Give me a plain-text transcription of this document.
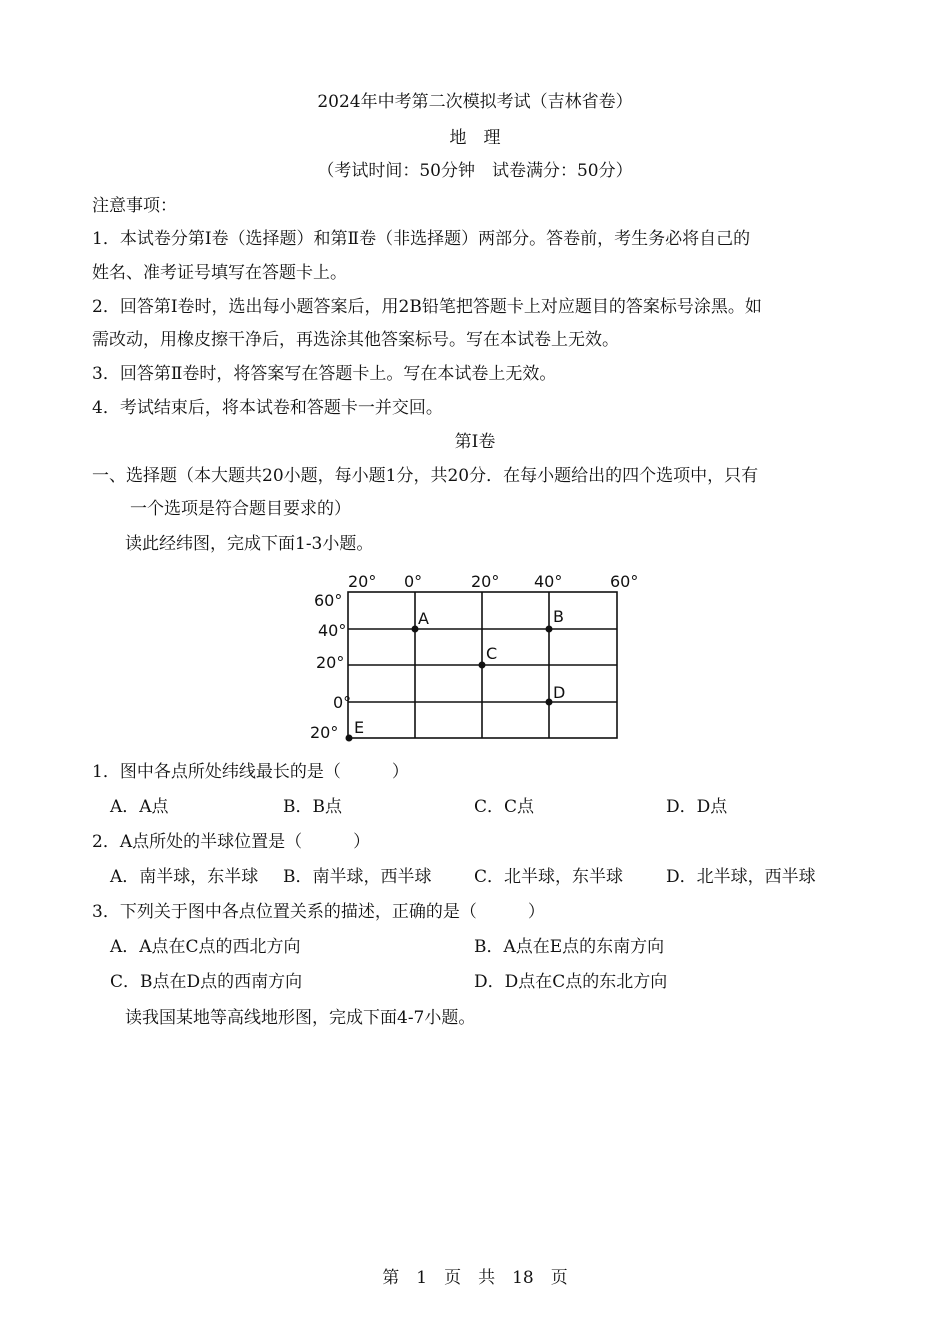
2024年中考第二次模拟考试（吉林省卷）
地　理
（考试时间：50分钟　试卷满分：50分）
注意事项：
1．本试卷分第Ⅰ卷（选择题）和第Ⅱ卷（非选择题）两部分。答卷前，考生务必将自己的
姓名、准考证号填写在答题卡上。
2．回答第Ⅰ卷时，选出每小题答案后，用2B铅笔把答题卡上对应题目的答案标号涂黑。如
需改动，用橡皮擦干净后，再选涂其他答案标号。写在本试卷上无效。
3．回答第Ⅱ卷时，将答案写在答题卡上。写在本试卷上无效。
4．考试结束后，将本试卷和答题卡一并交回。
第Ⅰ卷
一、选择题（本大题共20小题，每小题1分，共20分．在每小题给出的四个选项中，只有
一个选项是符合题目要求的）
读此经纬图，完成下面1-3小题。
20° 0°	20° 40°	60°
60°
40°
20°
0°
20°
A	B
C
D
E
1．图中各点所处纬线最长的是（　　　）
A．A点	B．B点	C．C点	D．D点
2．A点所处的半球位置是（　　　）
A．南半球，东半球 B．南半球，西半球	C．北半球，东半球	D．北半球，西半球
3．下列关于图中各点位置关系的描述，正确的是（　　　）
A．A点在C点的西北方向	B．A点在E点的东南方向
C．B点在D点的西南方向	D．D点在C点的东北方向
读我国某地等高线地形图，完成下面4-7小题。
第　1　页　共　18　页
